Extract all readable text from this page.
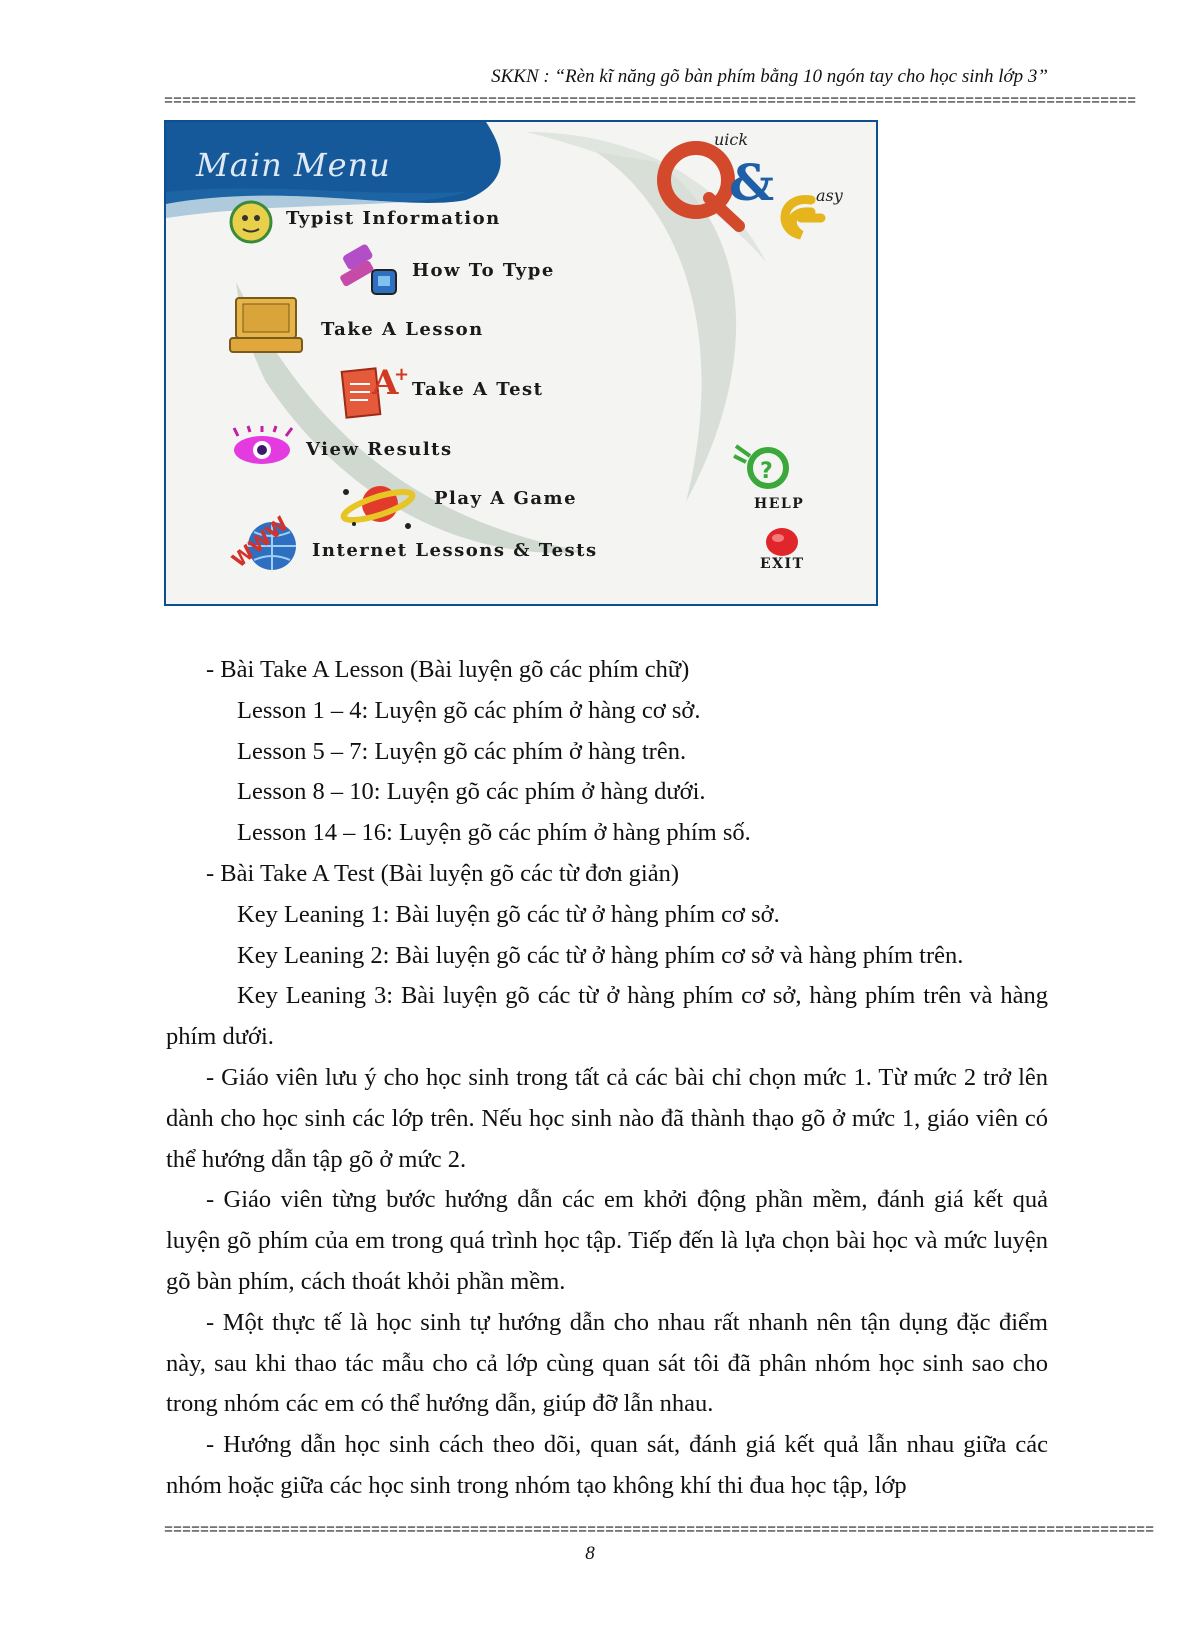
SKKN : “Rèn kĩ năng gõ bàn phím bằng 10 ngón tay cho học sinh lớp 3”
============================================================================================================
Main Menu	&
uick
asy
A
+
WWW
?
Typist Information
How To Type
Take A Lesson
Take A Test
View Results
Play A Game
Internet Lessons & Tests
HELP
EXIT

- Bài Take A Lesson (Bài luyện gõ các phím chữ)

Lesson 1 – 4: Luyện gõ các phím ở hàng cơ sở.

Lesson 5 – 7: Luyện gõ các phím ở hàng trên.

Lesson 8 – 10: Luyện gõ các phím ở hàng dưới.

Lesson 14 – 16: Luyện gõ các phím ở hàng phím số.

- Bài Take A Test (Bài luyện gõ các từ đơn giản)

Key Leaning 1: Bài luyện gõ các từ ở hàng phím cơ sở.

Key Leaning 2: Bài luyện gõ các từ ở hàng phím cơ sở và hàng phím trên.

Key Leaning 3: Bài luyện gõ các từ ở hàng phím cơ sở, hàng phím trên và hàng phím dưới.

- Giáo viên lưu ý cho học sinh trong tất cả các bài chỉ chọn mức 1. Từ mức 2 trở lên dành cho học sinh các lớp trên. Nếu học sinh nào đã thành thạo gõ ở mức 1, giáo viên có thể hướng dẫn tập gõ ở mức 2.

- Giáo viên từng bước hướng dẫn các em khởi động phần mềm, đánh giá kết quả luyện gõ phím của em trong quá trình học tập. Tiếp đến là lựa chọn bài học và mức luyện gõ bàn phím, cách thoát khỏi phần mềm.

- Một thực tế là học sinh tự hướng dẫn cho nhau rất nhanh nên tận dụng đặc điểm này, sau khi thao tác mẫu cho cả lớp cùng quan sát tôi đã phân nhóm học sinh sao cho trong nhóm các em có thể hướng dẫn, giúp đỡ lẫn nhau.

- Hướng dẫn học sinh cách theo dõi, quan sát, đánh giá kết quả lẫn nhau giữa các nhóm hoặc giữa các học sinh trong nhóm tạo không khí thi đua học tập, lớp

==============================================================================================================
8
